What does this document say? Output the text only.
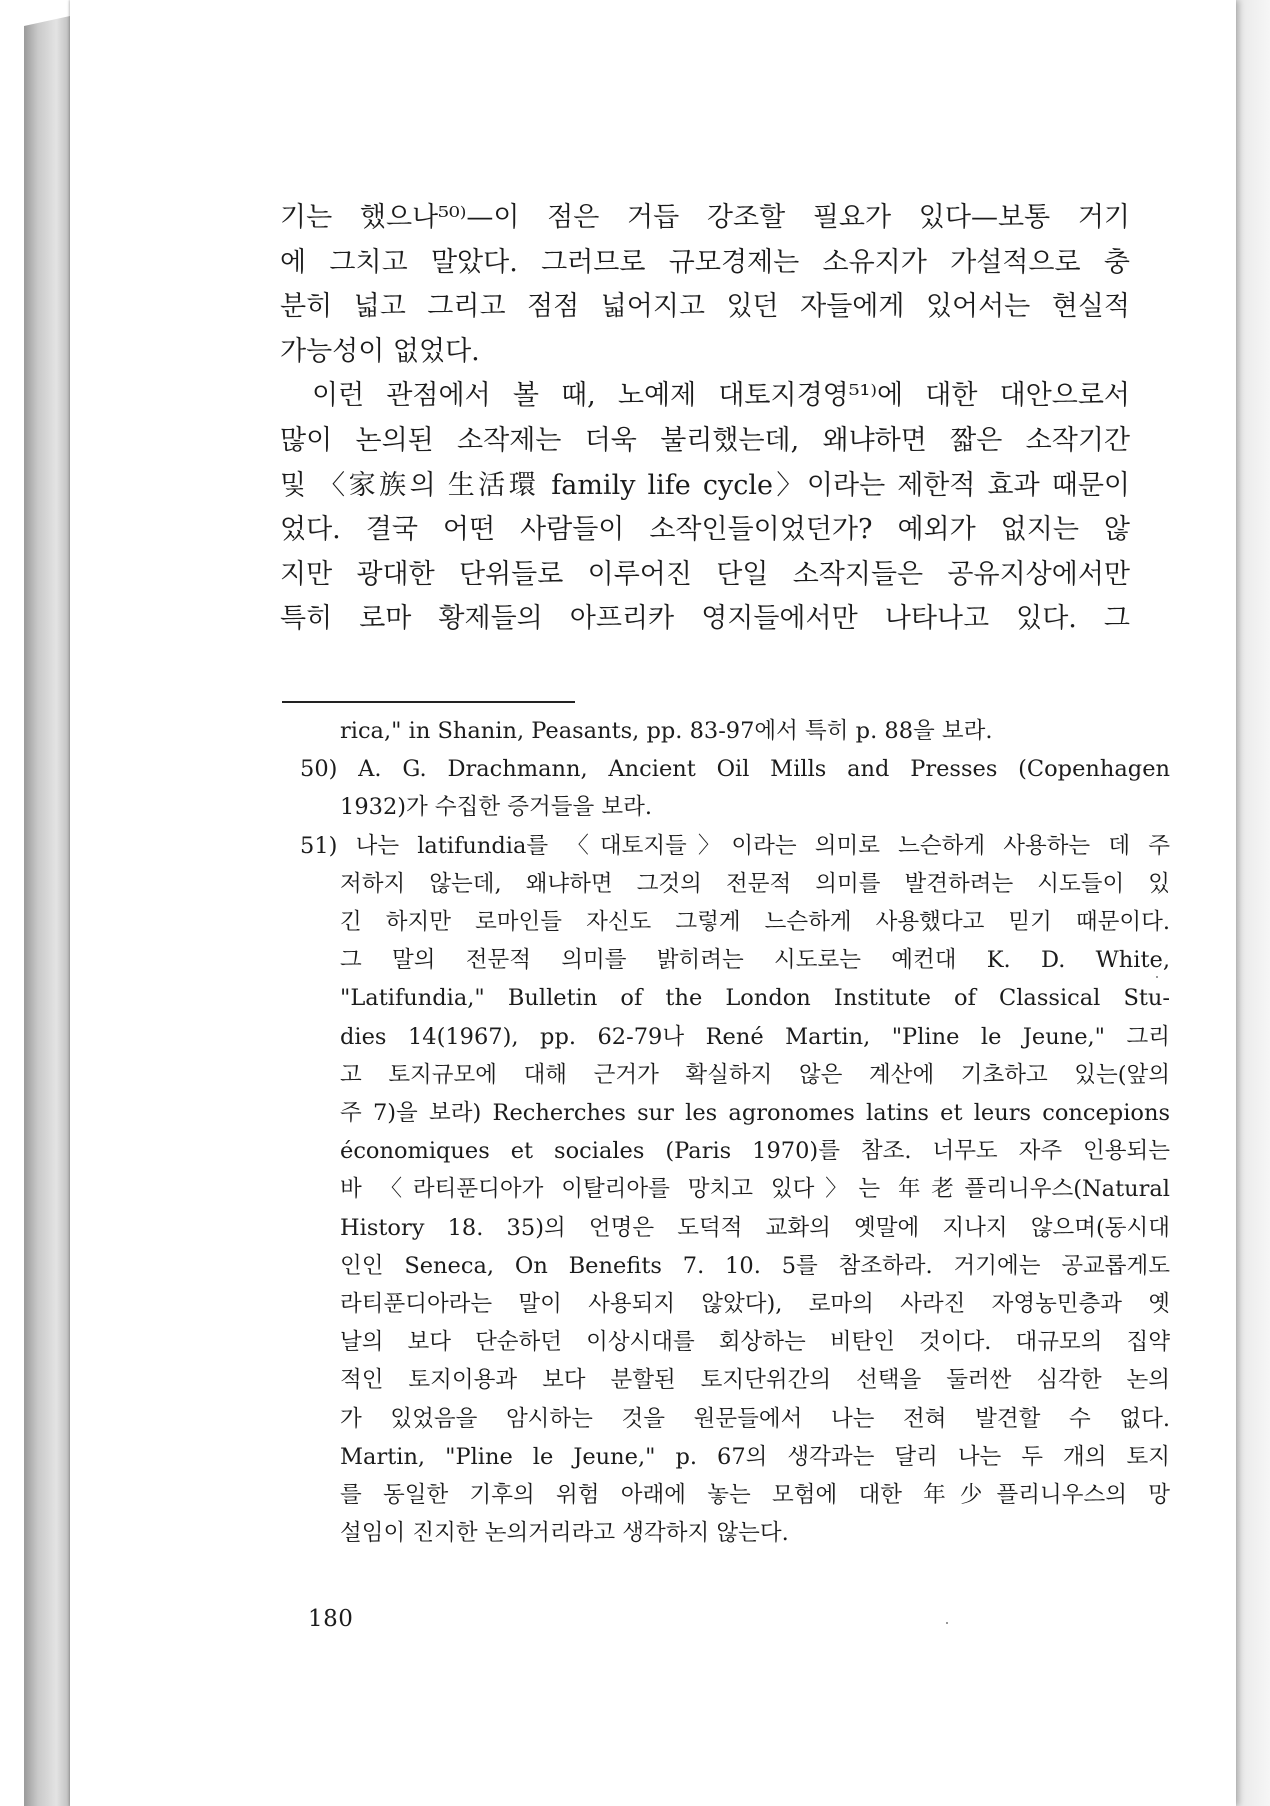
기는 했으나⁵⁰⁾—이 점은 거듭 강조할 필요가 있다—보통 거기
에 그치고 말았다. 그러므로 규모경제는 소유지가 가설적으로 충
분히 넓고 그리고 점점 넓어지고 있던 자들에게 있어서는 현실적
가능성이 없었다.
이런 관점에서 볼 때, 노예제 대토지경영⁵¹⁾에 대한 대안으로서
많이 논의된 소작제는 더욱 불리했는데, 왜냐하면 짧은 소작기간
및 〈家族의 生活環 family life cycle〉이라는 제한적 효과 때문이
었다. 결국 어떤 사람들이 소작인들이었던가? 예외가 없지는 않
지만 광대한 단위들로 이루어진 단일 소작지들은 공유지상에서만
특히 로마 황제들의 아프리카 영지들에서만 나타나고 있다. 그
rica," in Shanin, Peasants, pp. 83-97에서 특히 p. 88을 보라.
50) A. G. Drachmann, Ancient Oil Mills and Presses (Copenhagen
1932)가 수집한 증거들을 보라.
51) 나는 latifundia를 〈대토지들〉이라는 의미로 느슨하게 사용하는 데 주
저하지 않는데, 왜냐하면 그것의 전문적 의미를 발견하려는 시도들이 있
긴 하지만 로마인들 자신도 그렇게 느슨하게 사용했다고 믿기 때문이다.
그 말의 전문적 의미를 밝히려는 시도로는 예컨대 K. D. White,
"Latifundia," Bulletin of the London Institute of Classical Stu-
dies 14(1967), pp. 62-79나 René Martin, "Pline le Jeune," 그리
고 토지규모에 대해 근거가 확실하지 않은 계산에 기초하고 있는(앞의
주 7)을 보라) Recherches sur les agronomes latins et leurs concepions
économiques et sociales (Paris 1970)를 참조. 너무도 자주 인용되는
바 〈라티푼디아가 이탈리아를 망치고 있다〉는 年老플리니우스(Natural
History 18. 35)의 언명은 도덕적 교화의 옛말에 지나지 않으며(동시대
인인 Seneca, On Benefits 7. 10. 5를 참조하라. 거기에는 공교롭게도
라티푼디아라는 말이 사용되지 않았다), 로마의 사라진 자영농민층과 옛
날의 보다 단순하던 이상시대를 회상하는 비탄인 것이다. 대규모의 집약
적인 토지이용과 보다 분할된 토지단위간의 선택을 둘러싼 심각한 논의
가 있었음을 암시하는 것을 원문들에서 나는 전혀 발견할 수 없다.
Martin, "Pline le Jeune," p. 67의 생각과는 달리 나는 두 개의 토지
를 동일한 기후의 위험 아래에 놓는 모험에 대한 年少플리니우스의 망
설임이 진지한 논의거리라고 생각하지 않는다.
180
